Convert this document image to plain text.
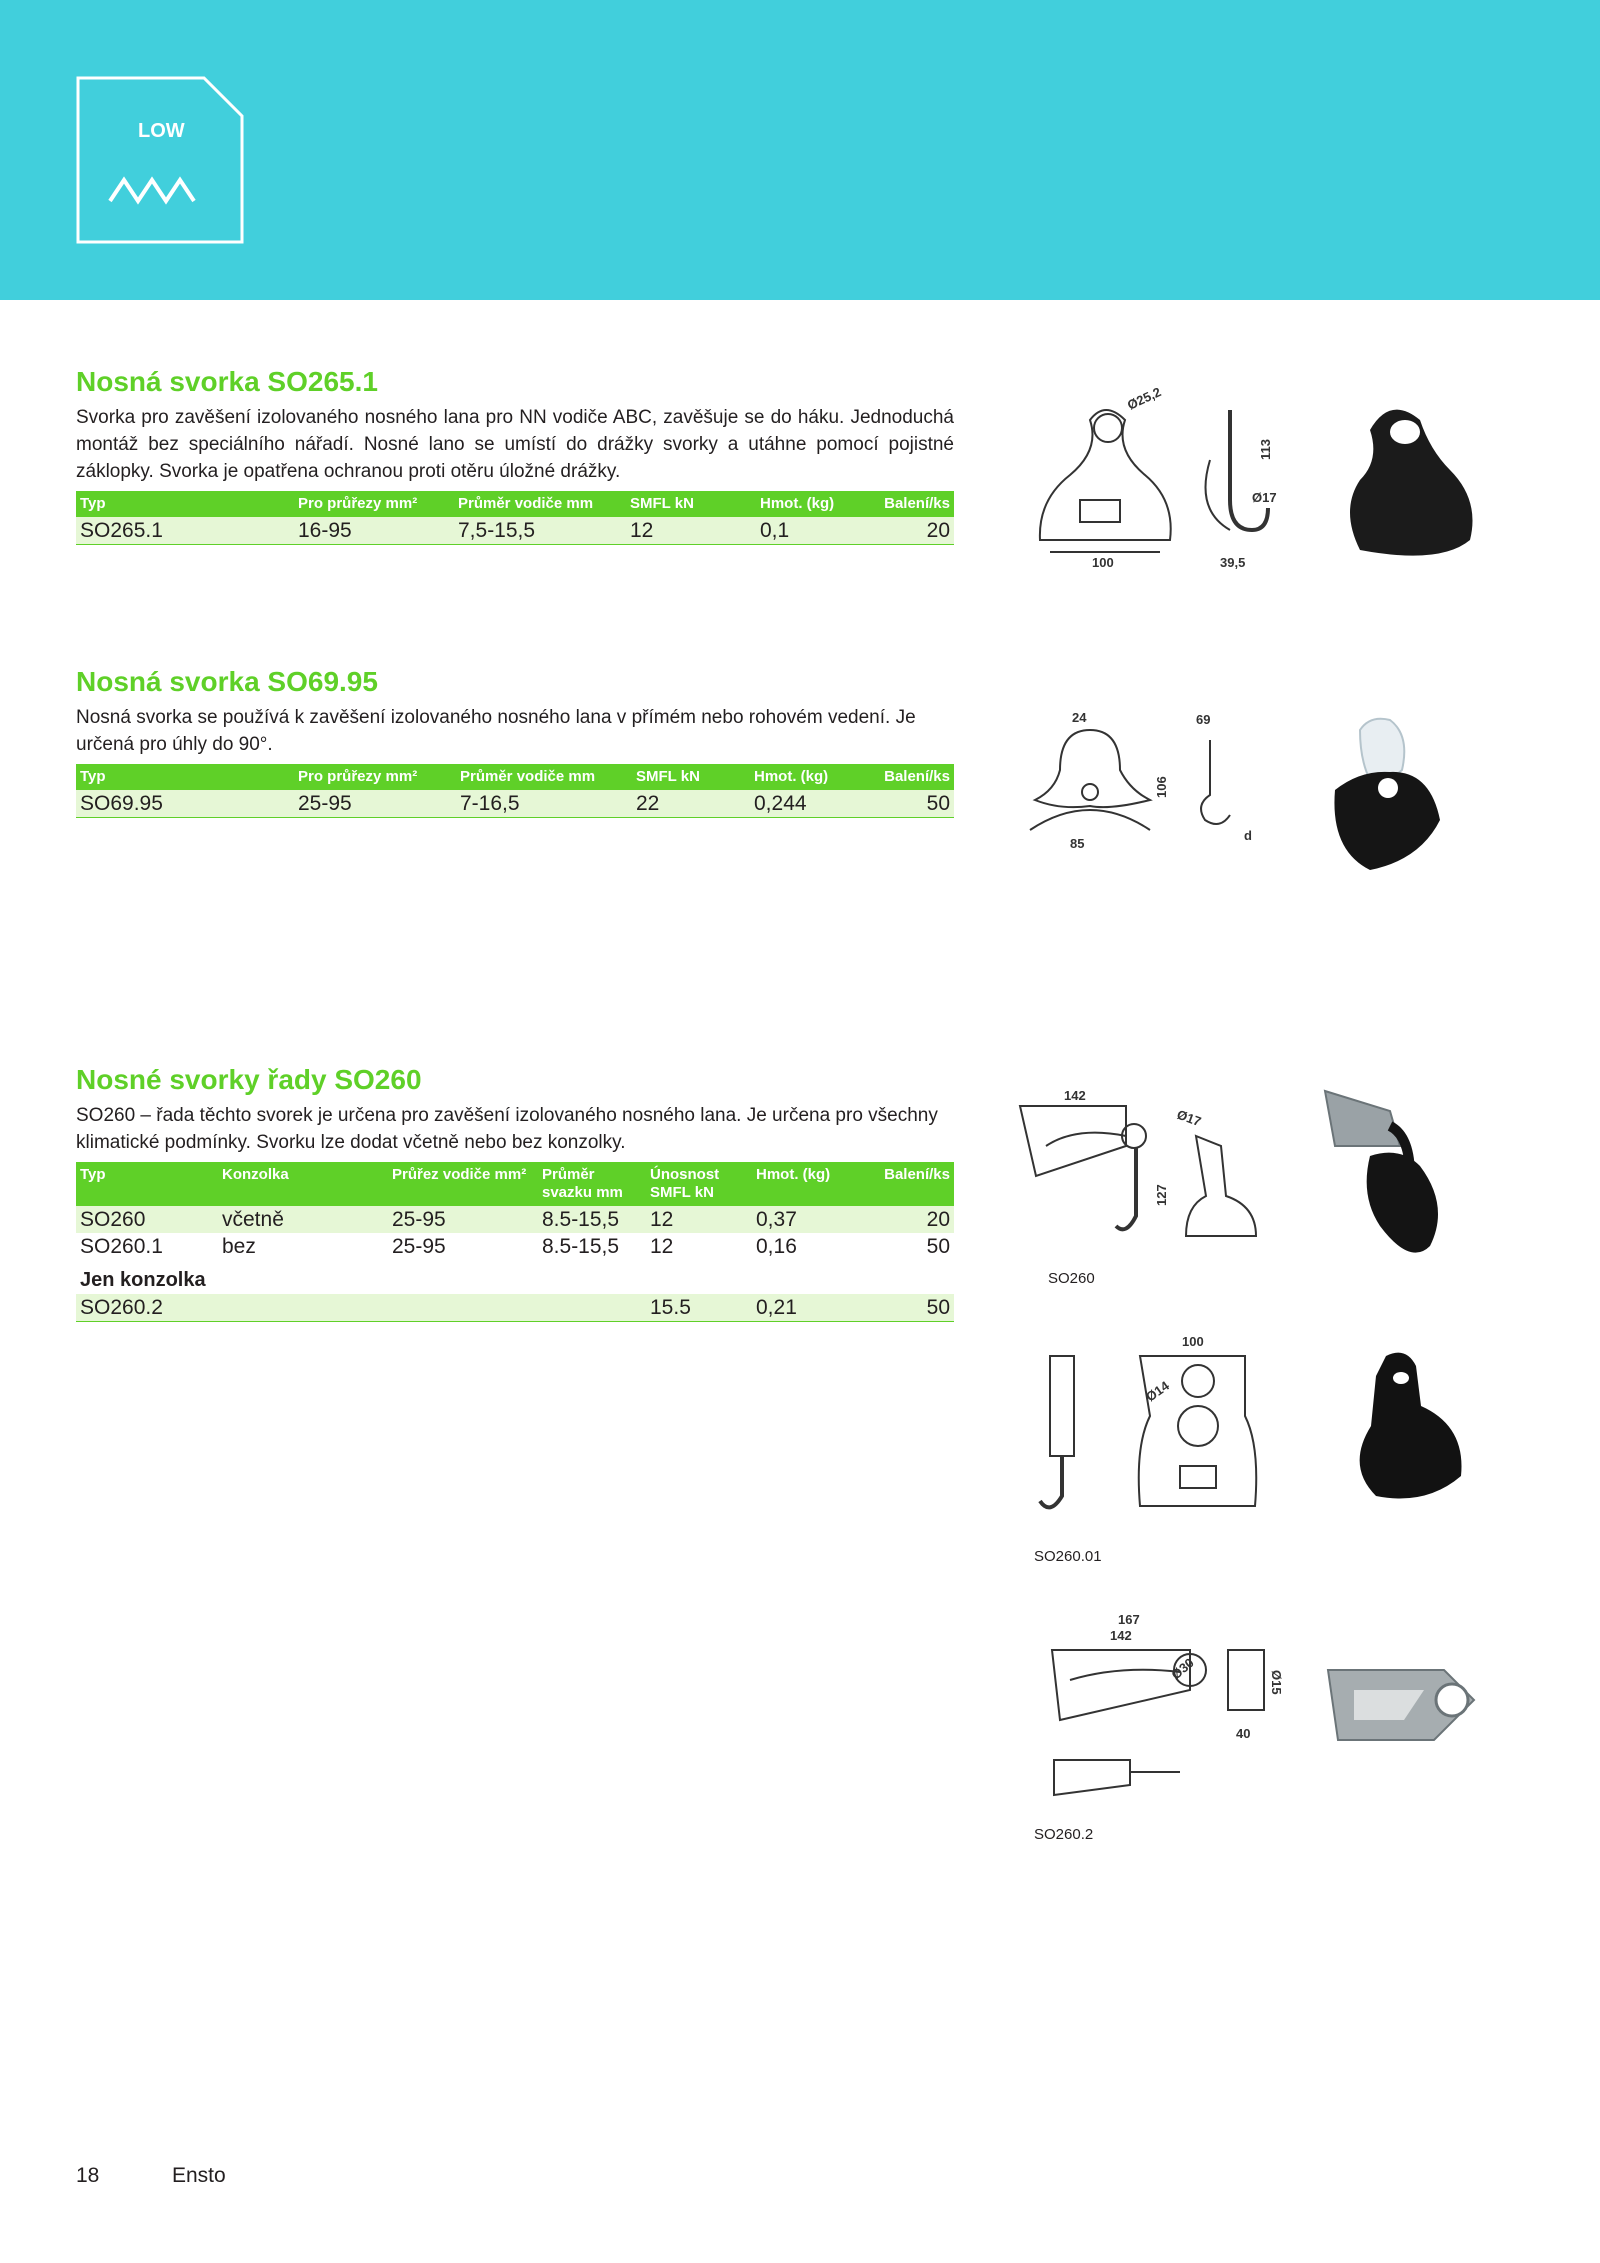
LOW
Nosná svorka SO265.1

Svorka pro zavěšení izolovaného nosného lana pro NN vodiče ABC, zavěšuje se do háku. Jednoduchá montáž bez speciálního nářadí. Nosné lano se umístí do drážky svorky a utáhne pomocí pojistné záklopky. Svorka je opatřena ochranou proti otěru úložné drážky.

Typ	Pro průřezy mm²	Průměr vodiče mm	SMFL kN	Hmot. (kg)	Balení/ks
SO265.1	16-95	7,5-15,5	12	0,1	20
Ø25,2
113
Ø17
100	39,5
Nosná svorka SO69.95

Nosná svorka se používá k zavěšení izolovaného nosného lana v přímém nebo rohovém vedení. Je určená pro úhly do 90°.

Typ	Pro průřezy mm²	Průměr vodiče mm	SMFL kN	Hmot. (kg)	Balení/ks
SO69.95	25-95	7-16,5	22	0,244	50
24	69
106
85
d
Nosné svorky řady SO260

SO260 – řada těchto svorek je určena pro zavěšení izolovaného nosného lana. Je určena pro všechny klimatické podmínky. Svorku lze dodat včetně nebo bez konzolky.

Typ	Konzolka	Průřez vodiče mm²	Průměr svazku mm	Únosnost SMFL kN	Hmot. (kg)	Balení/ks
SO260	včetně	25-95	8.5-15,5	12	0,37	20
SO260.1	bez	25-95	8.5-15,5	12	0,16	50
Jen konzolka						
SO260.2				15.5	0,21	50
142
Ø17
127
SO260
100
Ø14
SO260.01
167
142
Ø30	Ø15
40
SO260.2
18	Ensto
